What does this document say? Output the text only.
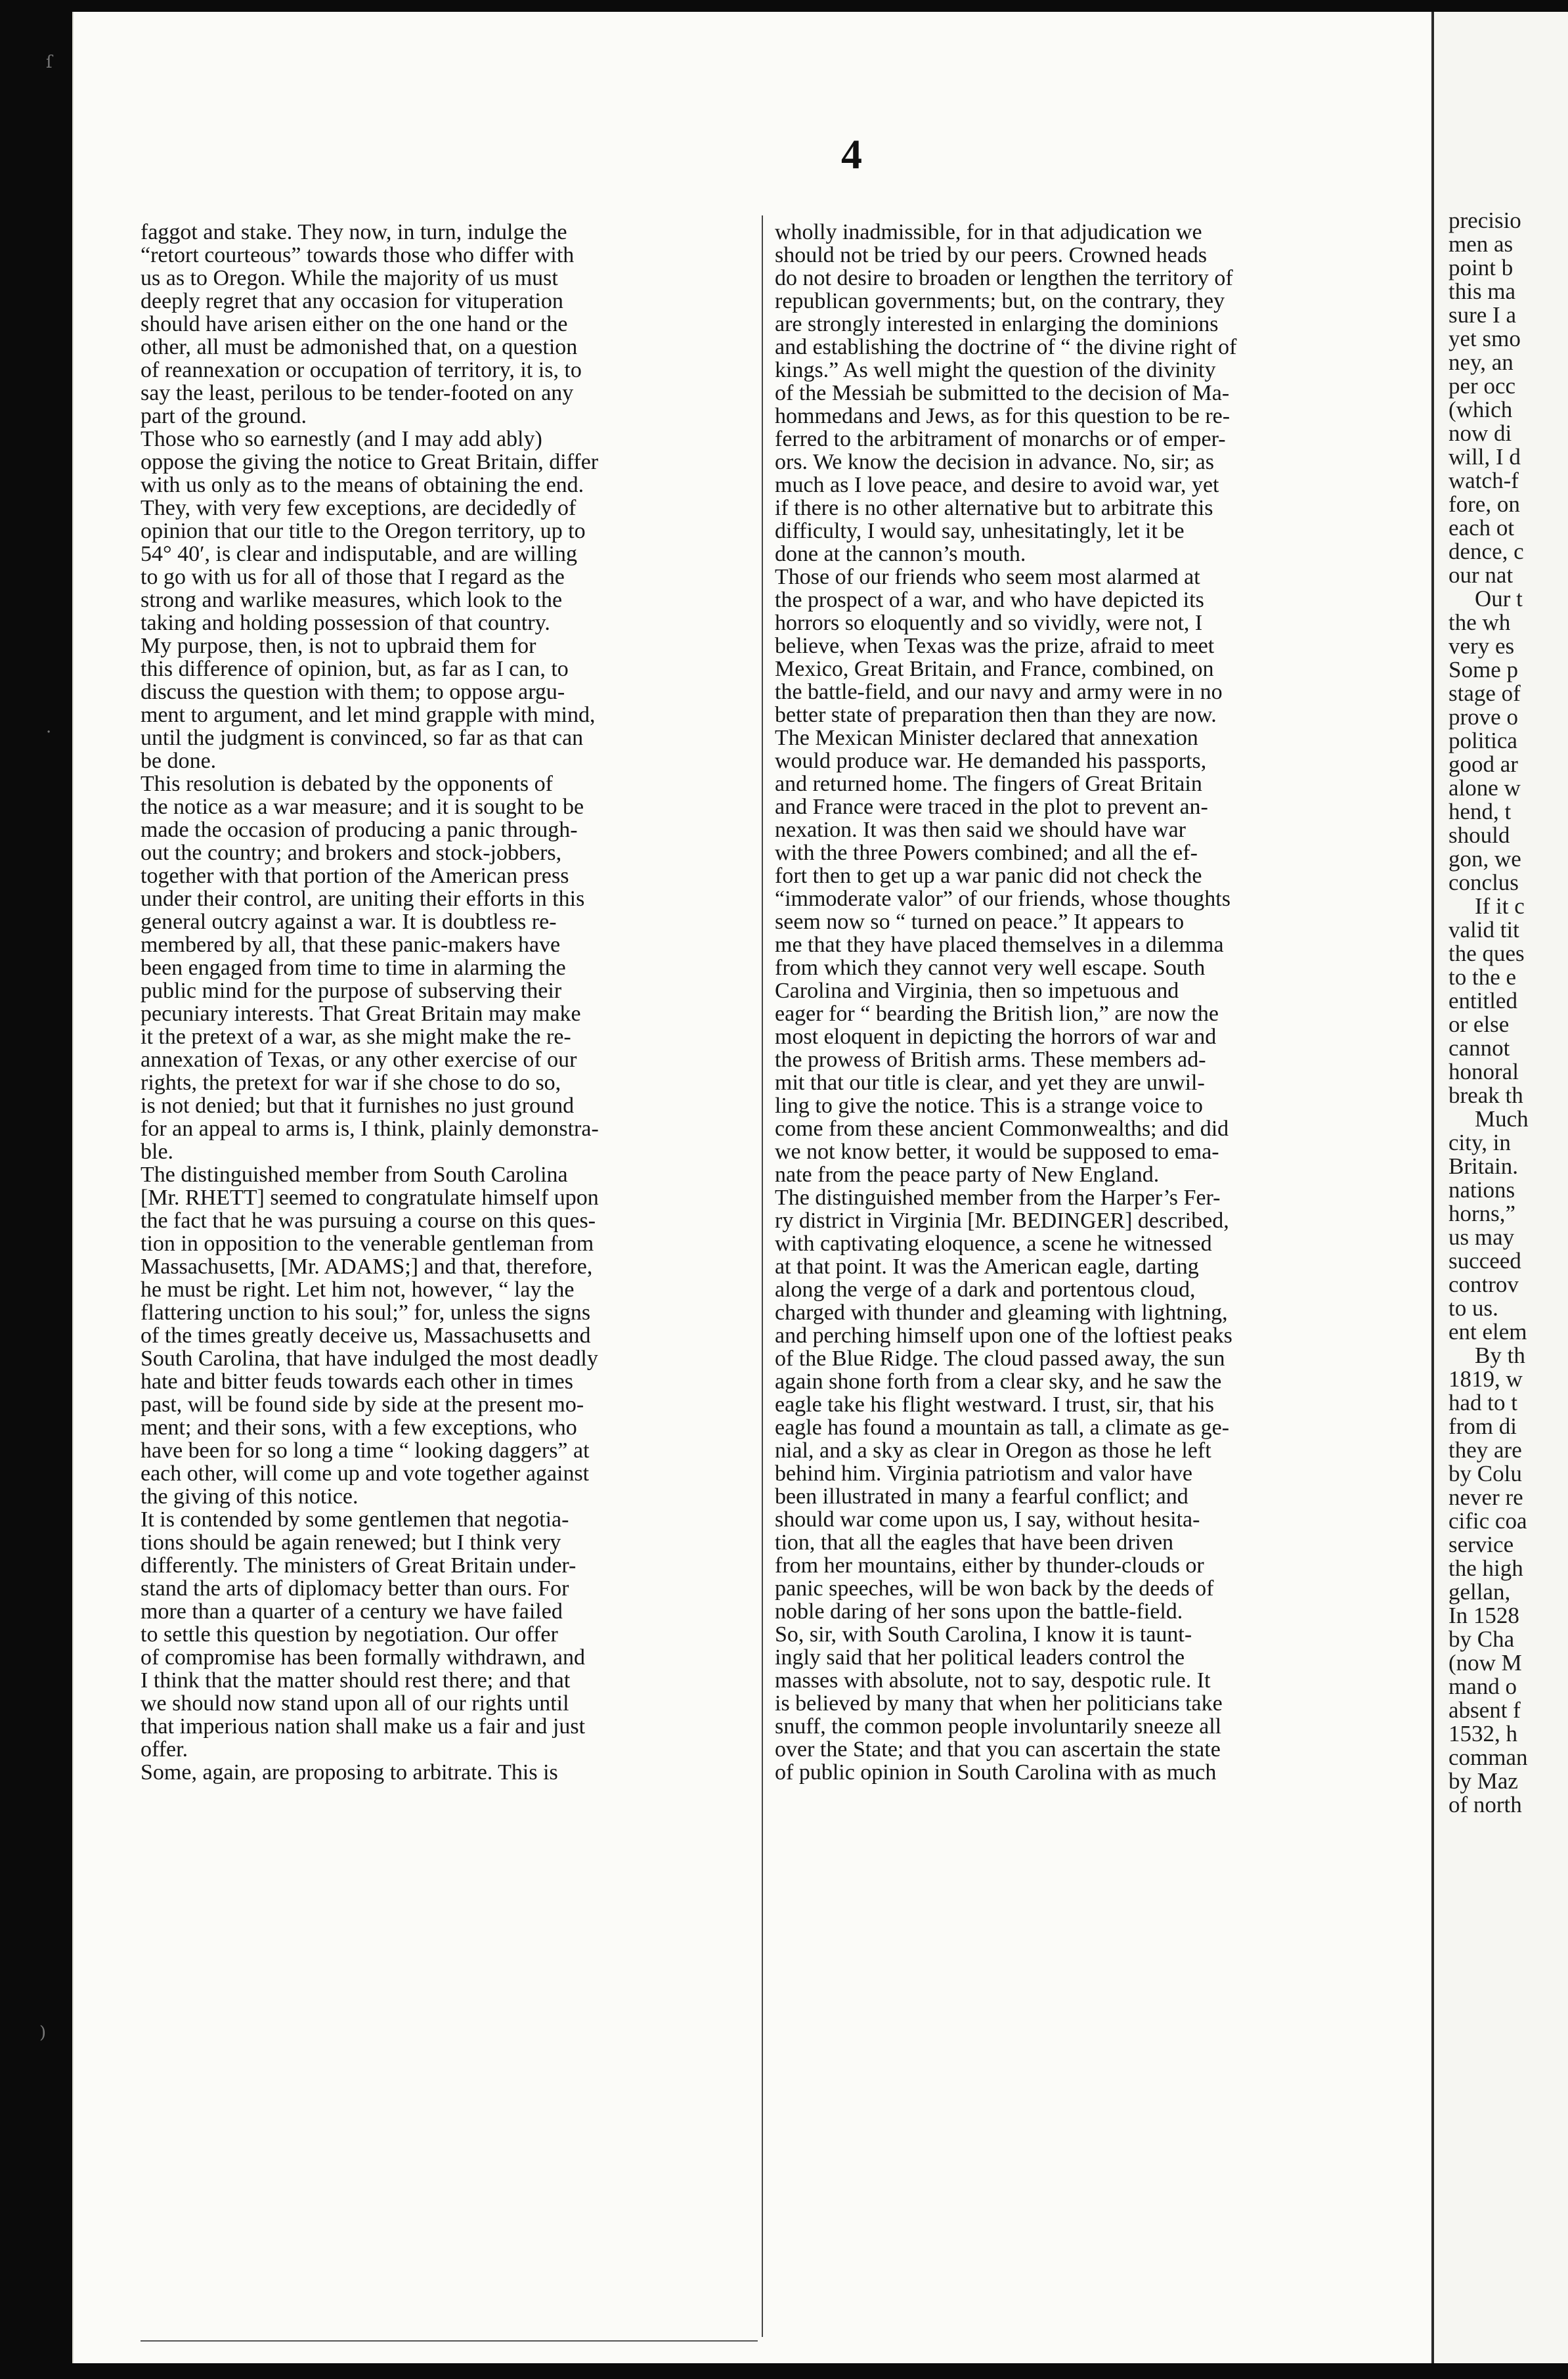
ſ
·
)
4
faggot and stake. They now, in turn, indulge the
“retort courteous” towards those who differ with
us as to Oregon. While the majority of us must
deeply regret that any occasion for vituperation
should have arisen either on the one hand or the
other, all must be admonished that, on a question
of reannexation or occupation of territory, it is, to
say the least, perilous to be tender-footed on any
part of the ground.
Those who so earnestly (and I may add ably)
oppose the giving the notice to Great Britain, differ
with us only as to the means of obtaining the end.
They, with very few exceptions, are decidedly of
opinion that our title to the Oregon territory, up to
54° 40′, is clear and indisputable, and are willing
to go with us for all of those that I regard as the
strong and warlike measures, which look to the
taking and holding possession of that country.
My purpose, then, is not to upbraid them for
this difference of opinion, but, as far as I can, to
discuss the question with them; to oppose argu-
ment to argument, and let mind grapple with mind,
until the judgment is convinced, so far as that can
be done.
This resolution is debated by the opponents of
the notice as a war measure; and it is sought to be
made the occasion of producing a panic through-
out the country; and brokers and stock-jobbers,
together with that portion of the American press
under their control, are uniting their efforts in this
general outcry against a war. It is doubtless re-
membered by all, that these panic-makers have
been engaged from time to time in alarming the
public mind for the purpose of subserving their
pecuniary interests. That Great Britain may make
it the pretext of a war, as she might make the re-
annexation of Texas, or any other exercise of our
rights, the pretext for war if she chose to do so,
is not denied; but that it furnishes no just ground
for an appeal to arms is, I think, plainly demonstra-
ble.
The distinguished member from South Carolina
[Mr. RHETT] seemed to congratulate himself upon
the fact that he was pursuing a course on this ques-
tion in opposition to the venerable gentleman from
Massachusetts, [Mr. ADAMS;] and that, therefore,
he must be right. Let him not, however, “ lay the
flattering unction to his soul;” for, unless the signs
of the times greatly deceive us, Massachusetts and
South Carolina, that have indulged the most deadly
hate and bitter feuds towards each other in times
past, will be found side by side at the present mo-
ment; and their sons, with a few exceptions, who
have been for so long a time “ looking daggers” at
each other, will come up and vote together against
the giving of this notice.
It is contended by some gentlemen that negotia-
tions should be again renewed; but I think very
differently. The ministers of Great Britain under-
stand the arts of diplomacy better than ours. For
more than a quarter of a century we have failed
to settle this question by negotiation. Our offer
of compromise has been formally withdrawn, and
I think that the matter should rest there; and that
we should now stand upon all of our rights until
that imperious nation shall make us a fair and just
offer.
Some, again, are proposing to arbitrate. This is
wholly inadmissible, for in that adjudication we
should not be tried by our peers. Crowned heads
do not desire to broaden or lengthen the territory of
republican governments; but, on the contrary, they
are strongly interested in enlarging the dominions
and establishing the doctrine of “ the divine right of
kings.” As well might the question of the divinity
of the Messiah be submitted to the decision of Ma-
hommedans and Jews, as for this question to be re-
ferred to the arbitrament of monarchs or of emper-
ors. We know the decision in advance. No, sir; as
much as I love peace, and desire to avoid war, yet
if there is no other alternative but to arbitrate this
difficulty, I would say, unhesitatingly, let it be
done at the cannon’s mouth.
Those of our friends who seem most alarmed at
the prospect of a war, and who have depicted its
horrors so eloquently and so vividly, were not, I
believe, when Texas was the prize, afraid to meet
Mexico, Great Britain, and France, combined, on
the battle-field, and our navy and army were in no
better state of preparation then than they are now.
The Mexican Minister declared that annexation
would produce war. He demanded his passports,
and returned home. The fingers of Great Britain
and France were traced in the plot to prevent an-
nexation. It was then said we should have war
with the three Powers combined; and all the ef-
fort then to get up a war panic did not check the
“immoderate valor” of our friends, whose thoughts
seem now so “ turned on peace.” It appears to
me that they have placed themselves in a dilemma
from which they cannot very well escape. South
Carolina and Virginia, then so impetuous and
eager for “ bearding the British lion,” are now the
most eloquent in depicting the horrors of war and
the prowess of British arms. These members ad-
mit that our title is clear, and yet they are unwil-
ling to give the notice. This is a strange voice to
come from these ancient Commonwealths; and did
we not know better, it would be supposed to ema-
nate from the peace party of New England.
The distinguished member from the Harper’s Fer-
ry district in Virginia [Mr. BEDINGER] described,
with captivating eloquence, a scene he witnessed
at that point. It was the American eagle, darting
along the verge of a dark and portentous cloud,
charged with thunder and gleaming with lightning,
and perching himself upon one of the loftiest peaks
of the Blue Ridge. The cloud passed away, the sun
again shone forth from a clear sky, and he saw the
eagle take his flight westward. I trust, sir, that his
eagle has found a mountain as tall, a climate as ge-
nial, and a sky as clear in Oregon as those he left
behind him. Virginia patriotism and valor have
been illustrated in many a fearful conflict; and
should war come upon us, I say, without hesita-
tion, that all the eagles that have been driven
from her mountains, either by thunder-clouds or
panic speeches, will be won back by the deeds of
noble daring of her sons upon the battle-field.
So, sir, with South Carolina, I know it is taunt-
ingly said that her political leaders control the
masses with absolute, not to say, despotic rule. It
is believed by many that when her politicians take
snuff, the common people involuntarily sneeze all
over the State; and that you can ascertain the state
of public opinion in South Carolina with as much
precisio
men as
point b
this ma
sure I a
yet smo
ney, an
per occ
(which
now di
will, I d
watch-f
fore, on
each ot
dence, c
our nat
Our t
the wh
very es
Some p
stage of
prove o
politica
good ar
alone w
hend, t
should
gon, we
conclus
If it c
valid tit
the ques
to the e
entitled
or else
cannot
honoral
break th
Much
city, in
Britain.
nations
horns,”
us may
succeed
controv
to us.
ent elem
By th
1819, w
had to t
from di
they are
by Colu
never re
cific coa
service
the high
gellan,
In 1528
by Cha
(now M
mand o
absent f
1532, h
comman
by Maz
of north
